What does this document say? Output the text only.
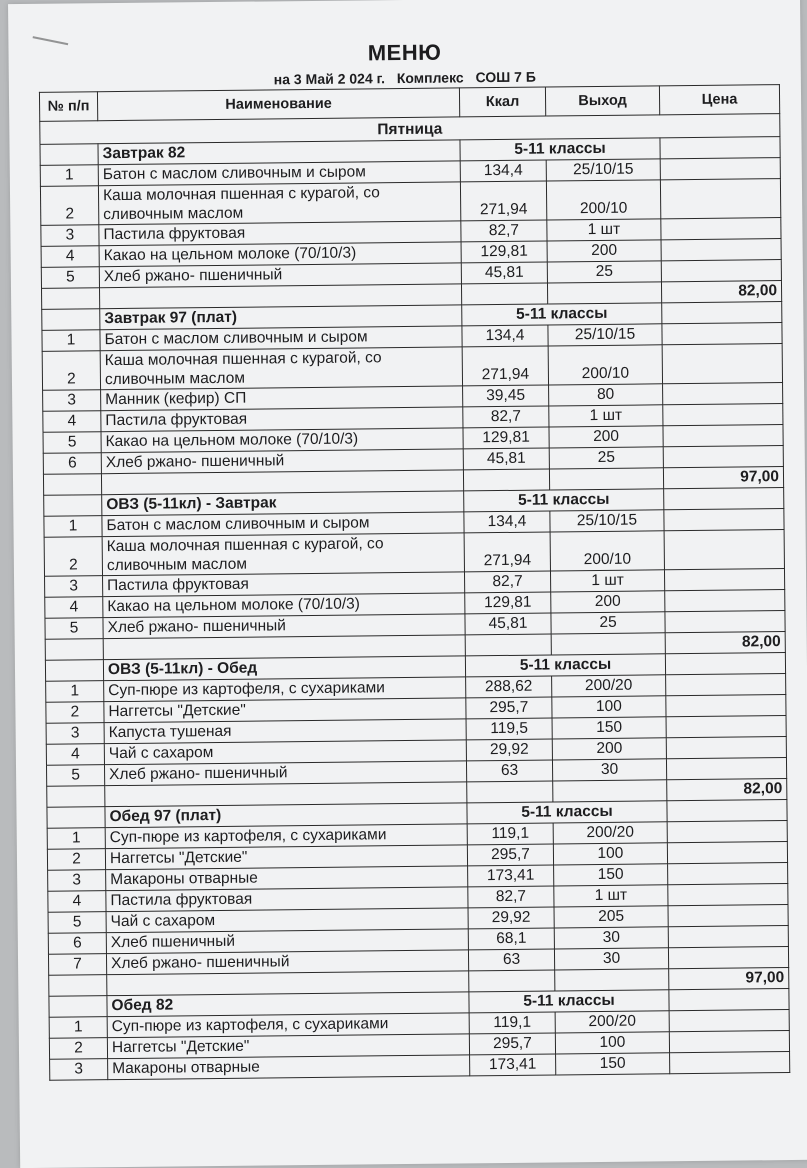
МЕНЮ
на 3 Май 2 024 г. Комплекс СОШ 7 Б
№ п/п	Наименование	Ккал	Выход	Цена
Пятница				
	Завтрак 82	5-11 классы		
1	Батон с маслом сливочным и сыром	134,4	25/10/15	
2	Каша молочная пшенная с курагой, со сливочным маслом	271,94	200/10	
3	Пастила фруктовая	82,7	1 шт	
4	Какао на цельном молоке (70/10/3)	129,81	200	
5	Хлеб ржано- пшеничный	45,81	25	
				82,00
	Завтрак 97 (плат)	5-11 классы		
1	Батон с маслом сливочным и сыром	134,4	25/10/15	
2	Каша молочная пшенная с курагой, со сливочным маслом	271,94	200/10	
3	Манник (кефир) СП	39,45	80	
4	Пастила фруктовая	82,7	1 шт	
5	Какао на цельном молоке (70/10/3)	129,81	200	
6	Хлеб ржано- пшеничный	45,81	25	
				97,00
	ОВЗ (5-11кл) - Завтрак	5-11 классы		
1	Батон с маслом сливочным и сыром	134,4	25/10/15	
2	Каша молочная пшенная с курагой, со сливочным маслом	271,94	200/10	
3	Пастила фруктовая	82,7	1 шт	
4	Какао на цельном молоке (70/10/3)	129,81	200	
5	Хлеб ржано- пшеничный	45,81	25	
				82,00
	ОВЗ (5-11кл) - Обед	5-11 классы		
1	Суп-пюре из картофеля, с сухариками	288,62	200/20	
2	Наггетсы "Детские"	295,7	100	
3	Капуста тушеная	119,5	150	
4	Чай с сахаром	29,92	200	
5	Хлеб ржано- пшеничный	63	30	
				82,00
	Обед 97 (плат)	5-11 классы		
1	Суп-пюре из картофеля, с сухариками	119,1	200/20	
2	Наггетсы "Детские"	295,7	100	
3	Макароны отварные	173,41	150	
4	Пастила фруктовая	82,7	1 шт	
5	Чай с сахаром	29,92	205	
6	Хлеб пшеничный	68,1	30	
7	Хлеб ржано- пшеничный	63	30	
				97,00
	Обед 82	5-11 классы		
1	Суп-пюре из картофеля, с сухариками	119,1	200/20	
2	Наггетсы "Детские"	295,7	100	
3	Макароны отварные	173,41	150	
